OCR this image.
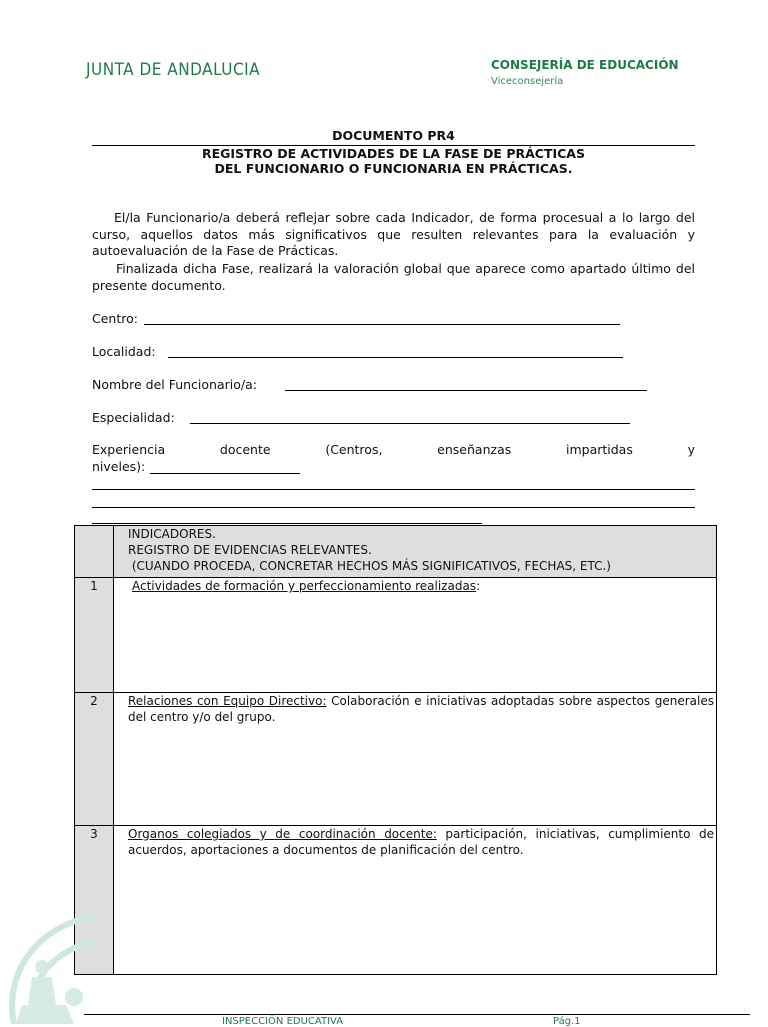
JUNTA DE ANDALUCIA	CONSEJERÍA DE EDUCACIÓN
Viceconsejería
DOCUMENTO PR4
REGISTRO DE ACTIVIDADES DE LA FASE DE PRÁCTICAS
DEL FUNCIONARIO O FUNCIONARIA EN PRÁCTICAS.
El/la Funcionario/a deberá reflejar sobre cada Indicador, de forma procesual a lo largo del curso, aquellos datos más significativos que resulten relevantes para la evaluación y autoevaluación de la Fase de Prácticas.
Finalizada dicha Fase, realizará la valoración global que aparece como apartado último del presente documento.
Centro:
Localidad:
Nombre del Funcionario/a:
Especialidad:
Experiencia docente (Centros, enseñanzas impartidas y
niveles):

	INDICADORES.
REGISTRO DE EVIDENCIAS RELEVANTES.
(CUANDO PROCEDA, CONCRETAR HECHOS MÁS SIGNIFICATIVOS, FECHAS, ETC.)

1	Actividades de formación y perfeccionamiento realizadas:
2	Relaciones con Equipo Directivo: Colaboración e iniciativas adoptadas sobre aspectos generales del centro y/o del grupo.
3	Organos colegiados y de coordinación docente: participación, iniciativas, cumplimiento de acuerdos, aportaciones a documentos de planificación del centro.
INSPECCIÓN EDUCATIVA	Pág.1
